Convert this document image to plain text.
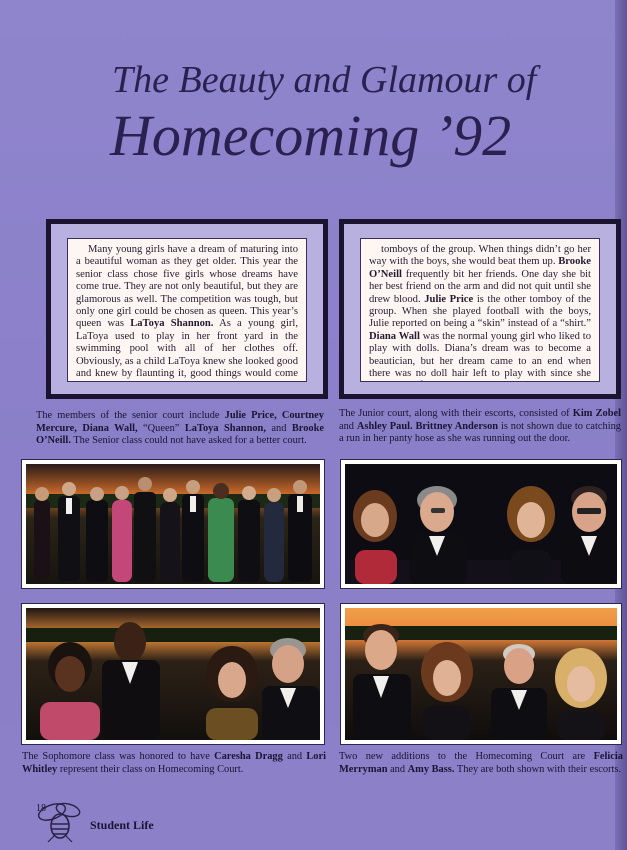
The Beauty and Glamour of
Homecoming ’92

Many young girls have a dream of maturing into a beautiful woman as they get older. This year the senior class chose five girls whose dreams have come true. They are not only beautiful, but they are glamorous as well. The competition was tough, but only one girl could be chosen as queen. This year’s queen was LaToya Shannon. As a young girl, LaToya used to play in her front yard in the swimming pool with all of her clothes off. Obviously, as a child LaToya knew she looked good and knew by flaunting it, good things would come

tomboys of the group. When things didn’t go her way with the boys, she would beat them up. Brooke O’Neill frequently bit her friends. One day she bit her best friend on the arm and did not quit until she drew blood. Julie Price is the other tomboy of the group. When she played football with the boys, Julie reported on being a “skin” instead of a “shirt.” Diana Wall was the normal young girl who liked to play with dolls. Diana’s dream was to become a beautician, but her dream came to an end when there was no doll hair left to play with since she

The members of the senior court include Julie Price, Courtney Mercure, Diana Wall, “Queen” LaToya Shannon, and Brooke O’Neill. The Senior class could not have asked for a better court.
The Junior court, along with their escorts, consisted of Kim Zobel and Ashley Paul. Brittney Anderson is not shown due to catching a run in her panty hose as she was running out the door.
The Sophomore class was honored to have Caresha Dragg and Lori Whitley represent their class on Homecoming Court.
Two new additions to the Homecoming Court are Felicia Merryman and Amy Bass. They are both shown with their escorts.
18
Student Life
